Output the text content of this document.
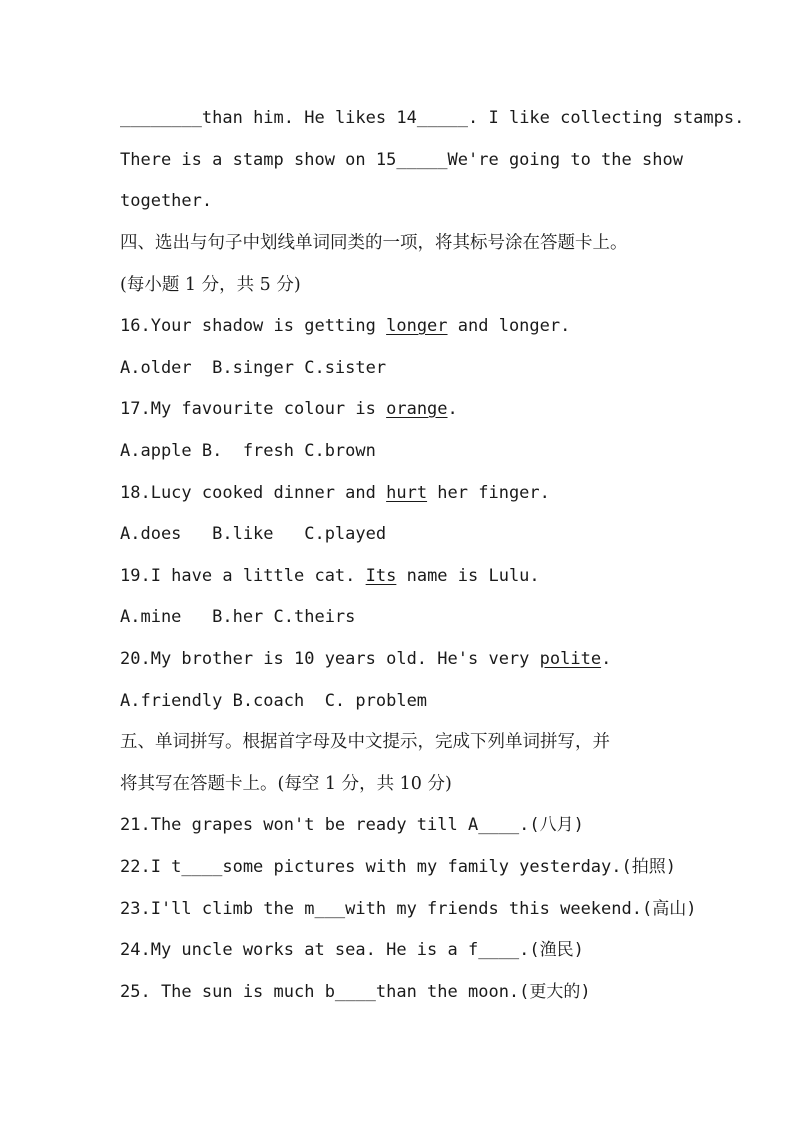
________than him. He likes 14_____. I like collecting stamps.
There is a stamp show on 15_____We're going to the show
together.
四、选出与句子中划线单词同类的一项，将其标号涂在答题卡上。
(每小题 1 分，共 5 分)
16.Your shadow is getting longer and longer.
A.older  B.singer C.sister
17.My favourite colour is orange.
A.apple B.  fresh C.brown
18.Lucy cooked dinner and hurt her finger.
A.does   B.like   C.played
19.I have a little cat. Its name is Lulu.
A.mine   B.her C.theirs
20.My brother is 10 years old. He's very polite.
A.friendly B.coach  C. problem
五、单词拼写。根据首字母及中文提示，完成下列单词拼写，并
将其写在答题卡上。(每空 1 分，共 10 分)
21.The grapes won't be ready till A____.(八月)
22.I t____some pictures with my family yesterday.(拍照)
23.I'll climb the m___with my friends this weekend.(高山)
24.My uncle works at sea. He is a f____.(渔民)
25. The sun is much b____than the moon.(更大的)
